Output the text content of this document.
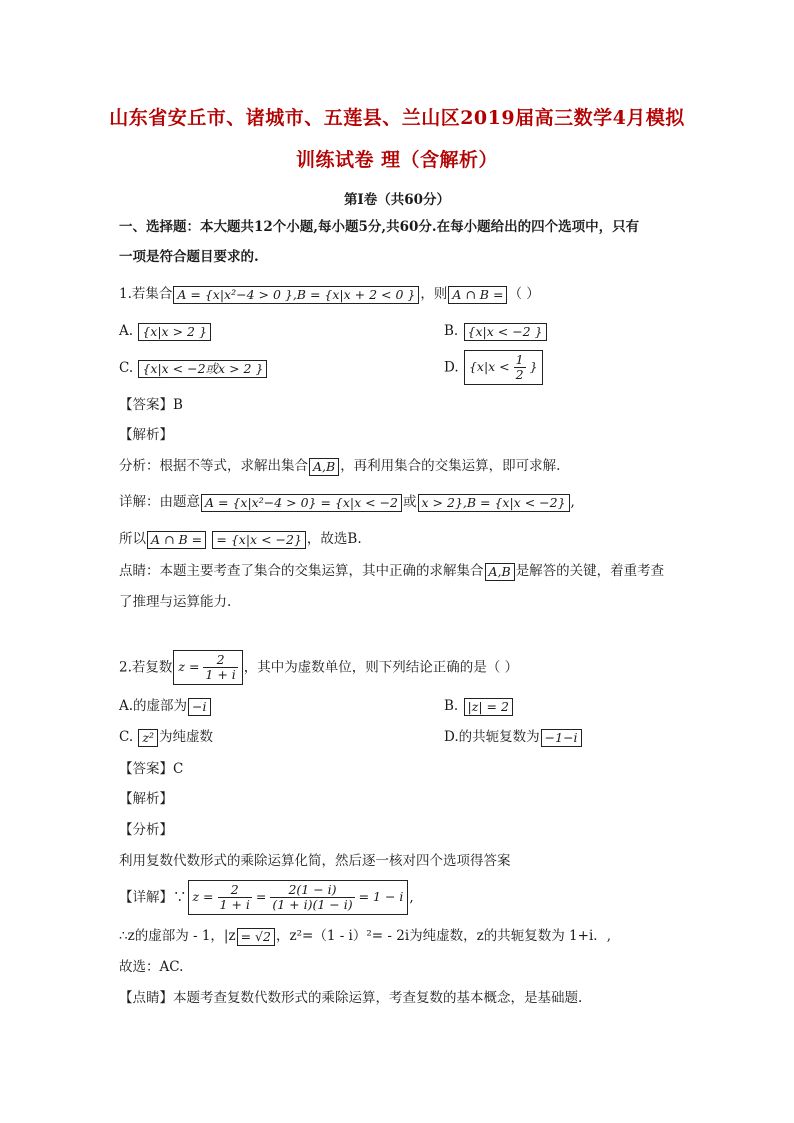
山东省安丘市、诸城市、五莲县、兰山区2019届高三数学4月模拟
训练试卷 理（含解析）
第Ⅰ卷（共60分）
一、选择题：本大题共12个小题,每小题5分,共60分.在每小题给出的四个选项中，只有
一项是符合题目要求的.
1.若集合 A = {x|x²−4 > 0 },B = {x|x + 2 < 0 } ，则 A ∩ B = （ ）
A. {x|x > 2 }	B. {x|x < −2 }
C. {x|x < −2或x > 2 }	D. {$x|x < \frac{1}{2}$ }
【答案】B
【解析】
分析：根据不等式，求解出集合 A,B ，再利用集合的交集运算，即可求解.
详解：由题意 A = {x|x²−4 > 0} = {x|x < −2 或 x > 2},B = {x|x < −2} ,
所以 A ∩ B = = {x|x < −2} ，故选B.
点睛：本题主要考查了集合的交集运算，其中正确的求解集合 A,B 是解答的关键，着重考查
了推理与运算能力.
2.若复数 $z = \frac{2}{1 + i}$ ，其中为虚数单位，则下列结论正确的是（ ）
A.的虚部为 −i	B. |z| = 2
C. z² 为纯虚数	D.的共轭复数为 −1−i
【答案】C
【解析】
【分析】
利用复数代数形式的乘除运算化简，然后逐一核对四个选项得答案
【详解】∵ $z = \frac{2}{1 + i} = \frac{2(1 - i)}{(1 + i)(1 - i)} = 1 - i$ ,
∴z的虚部为 - 1，|z = √2 ，z²=（1 - i）²= - 2i为纯虚数，z的共轭复数为 1+i．,
故选：AC.
【点睛】本题考查复数代数形式的乘除运算，考查复数的基本概念，是基础题.
